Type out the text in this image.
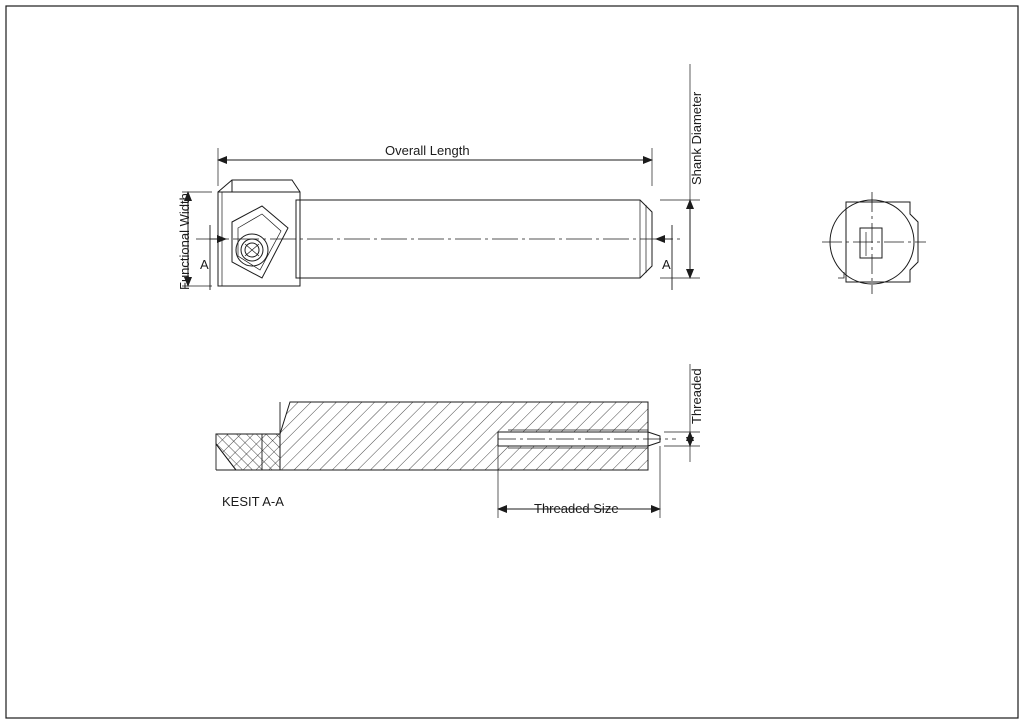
Overall Length
Functional Width
Shank Diameter
A	A
KESIT A-A
Threaded
Threaded Size
